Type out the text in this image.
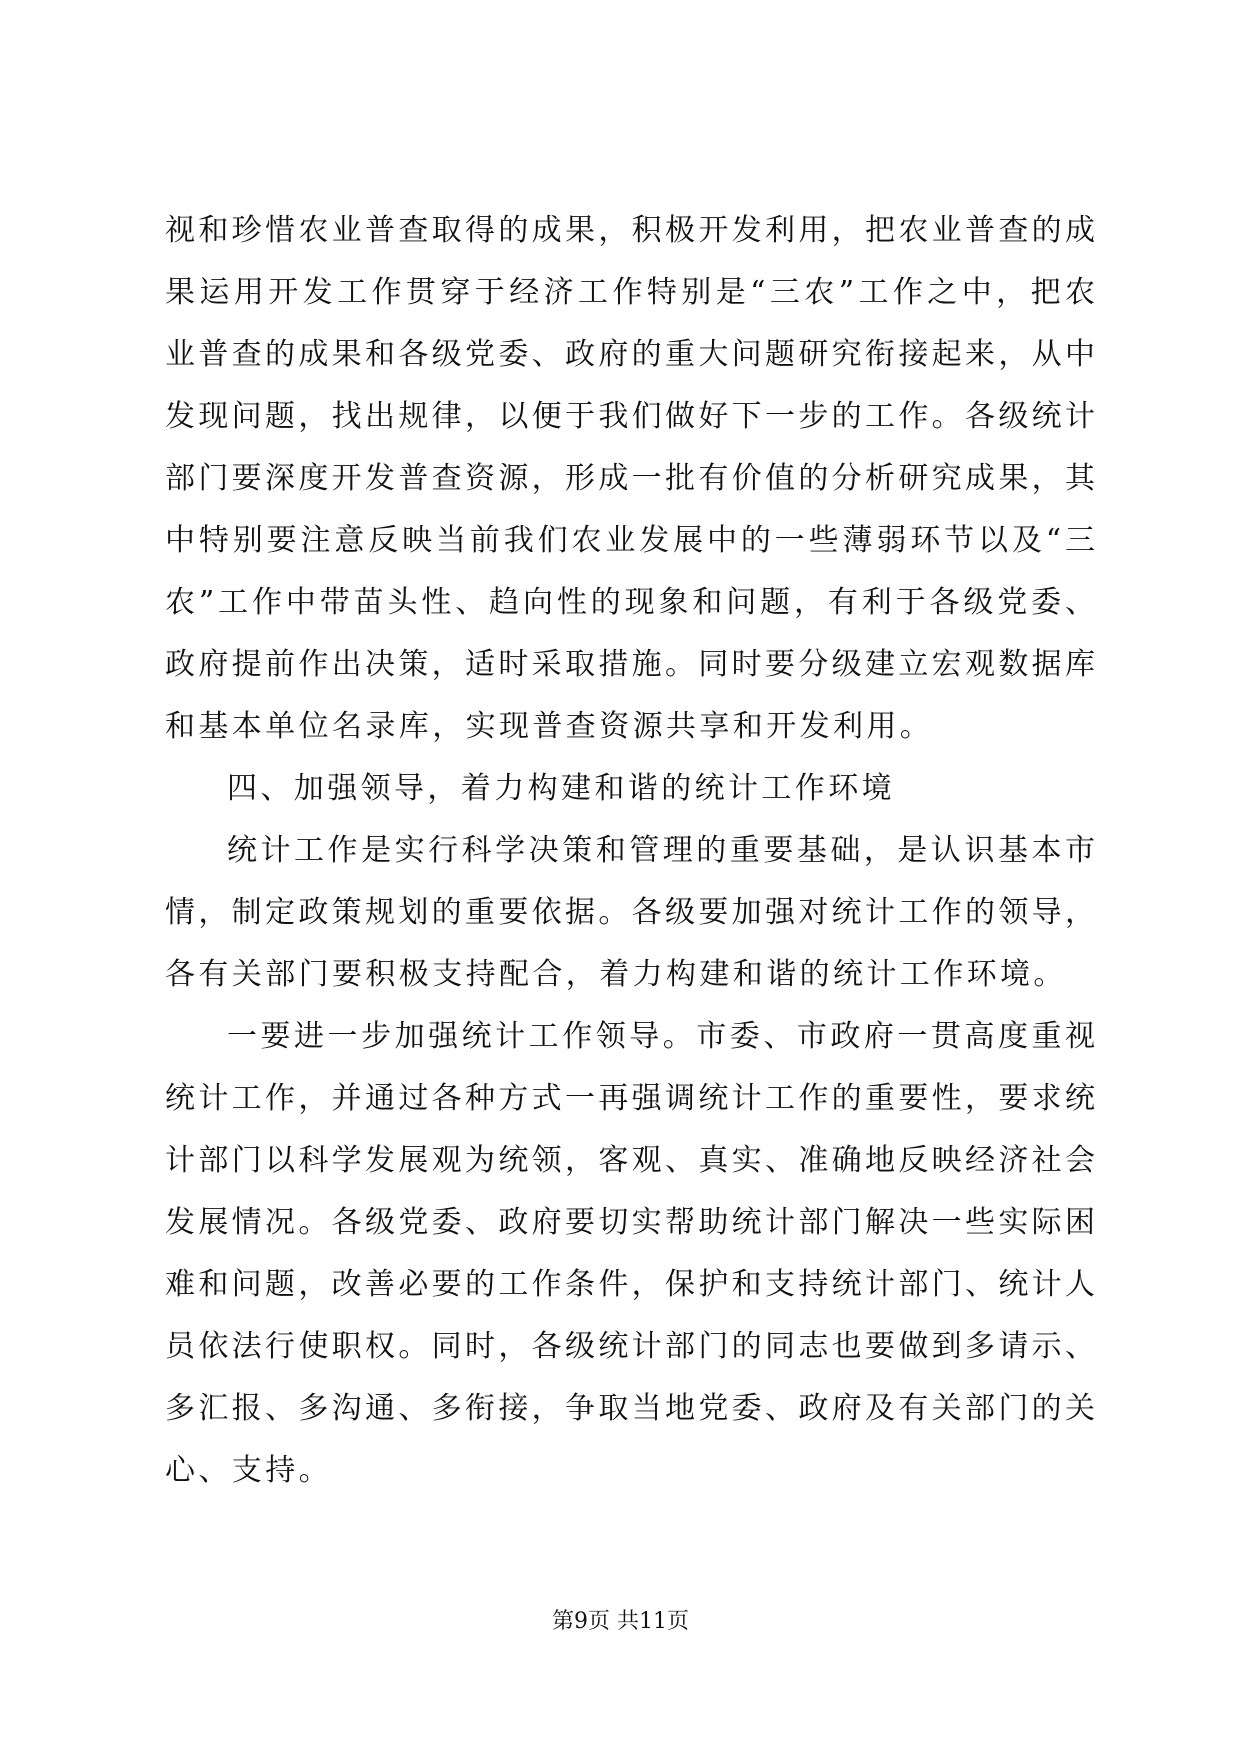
视和珍惜农业普查取得的成果，积极开发利用，把农业普查的成
果运用开发工作贯穿于经济工作特别是“三农”工作之中，把农
业普查的成果和各级党委、政府的重大问题研究衔接起来，从中
发现问题，找出规律，以便于我们做好下一步的工作。各级统计
部门要深度开发普查资源，形成一批有价值的分析研究成果，其
中特别要注意反映当前我们农业发展中的一些薄弱环节以及“三
农”工作中带苗头性、趋向性的现象和问题，有利于各级党委、
政府提前作出决策，适时采取措施。同时要分级建立宏观数据库
和基本单位名录库，实现普查资源共享和开发利用。
四、加强领导，着力构建和谐的统计工作环境
统计工作是实行科学决策和管理的重要基础，是认识基本市
情，制定政策规划的重要依据。各级要加强对统计工作的领导，
各有关部门要积极支持配合，着力构建和谐的统计工作环境。
一要进一步加强统计工作领导。市委、市政府一贯高度重视
统计工作，并通过各种方式一再强调统计工作的重要性，要求统
计部门以科学发展观为统领，客观、真实、准确地反映经济社会
发展情况。各级党委、政府要切实帮助统计部门解决一些实际困
难和问题，改善必要的工作条件，保护和支持统计部门、统计人
员依法行使职权。同时，各级统计部门的同志也要做到多请示、
多汇报、多沟通、多衔接，争取当地党委、政府及有关部门的关
心、支持。
第9页 共11页
